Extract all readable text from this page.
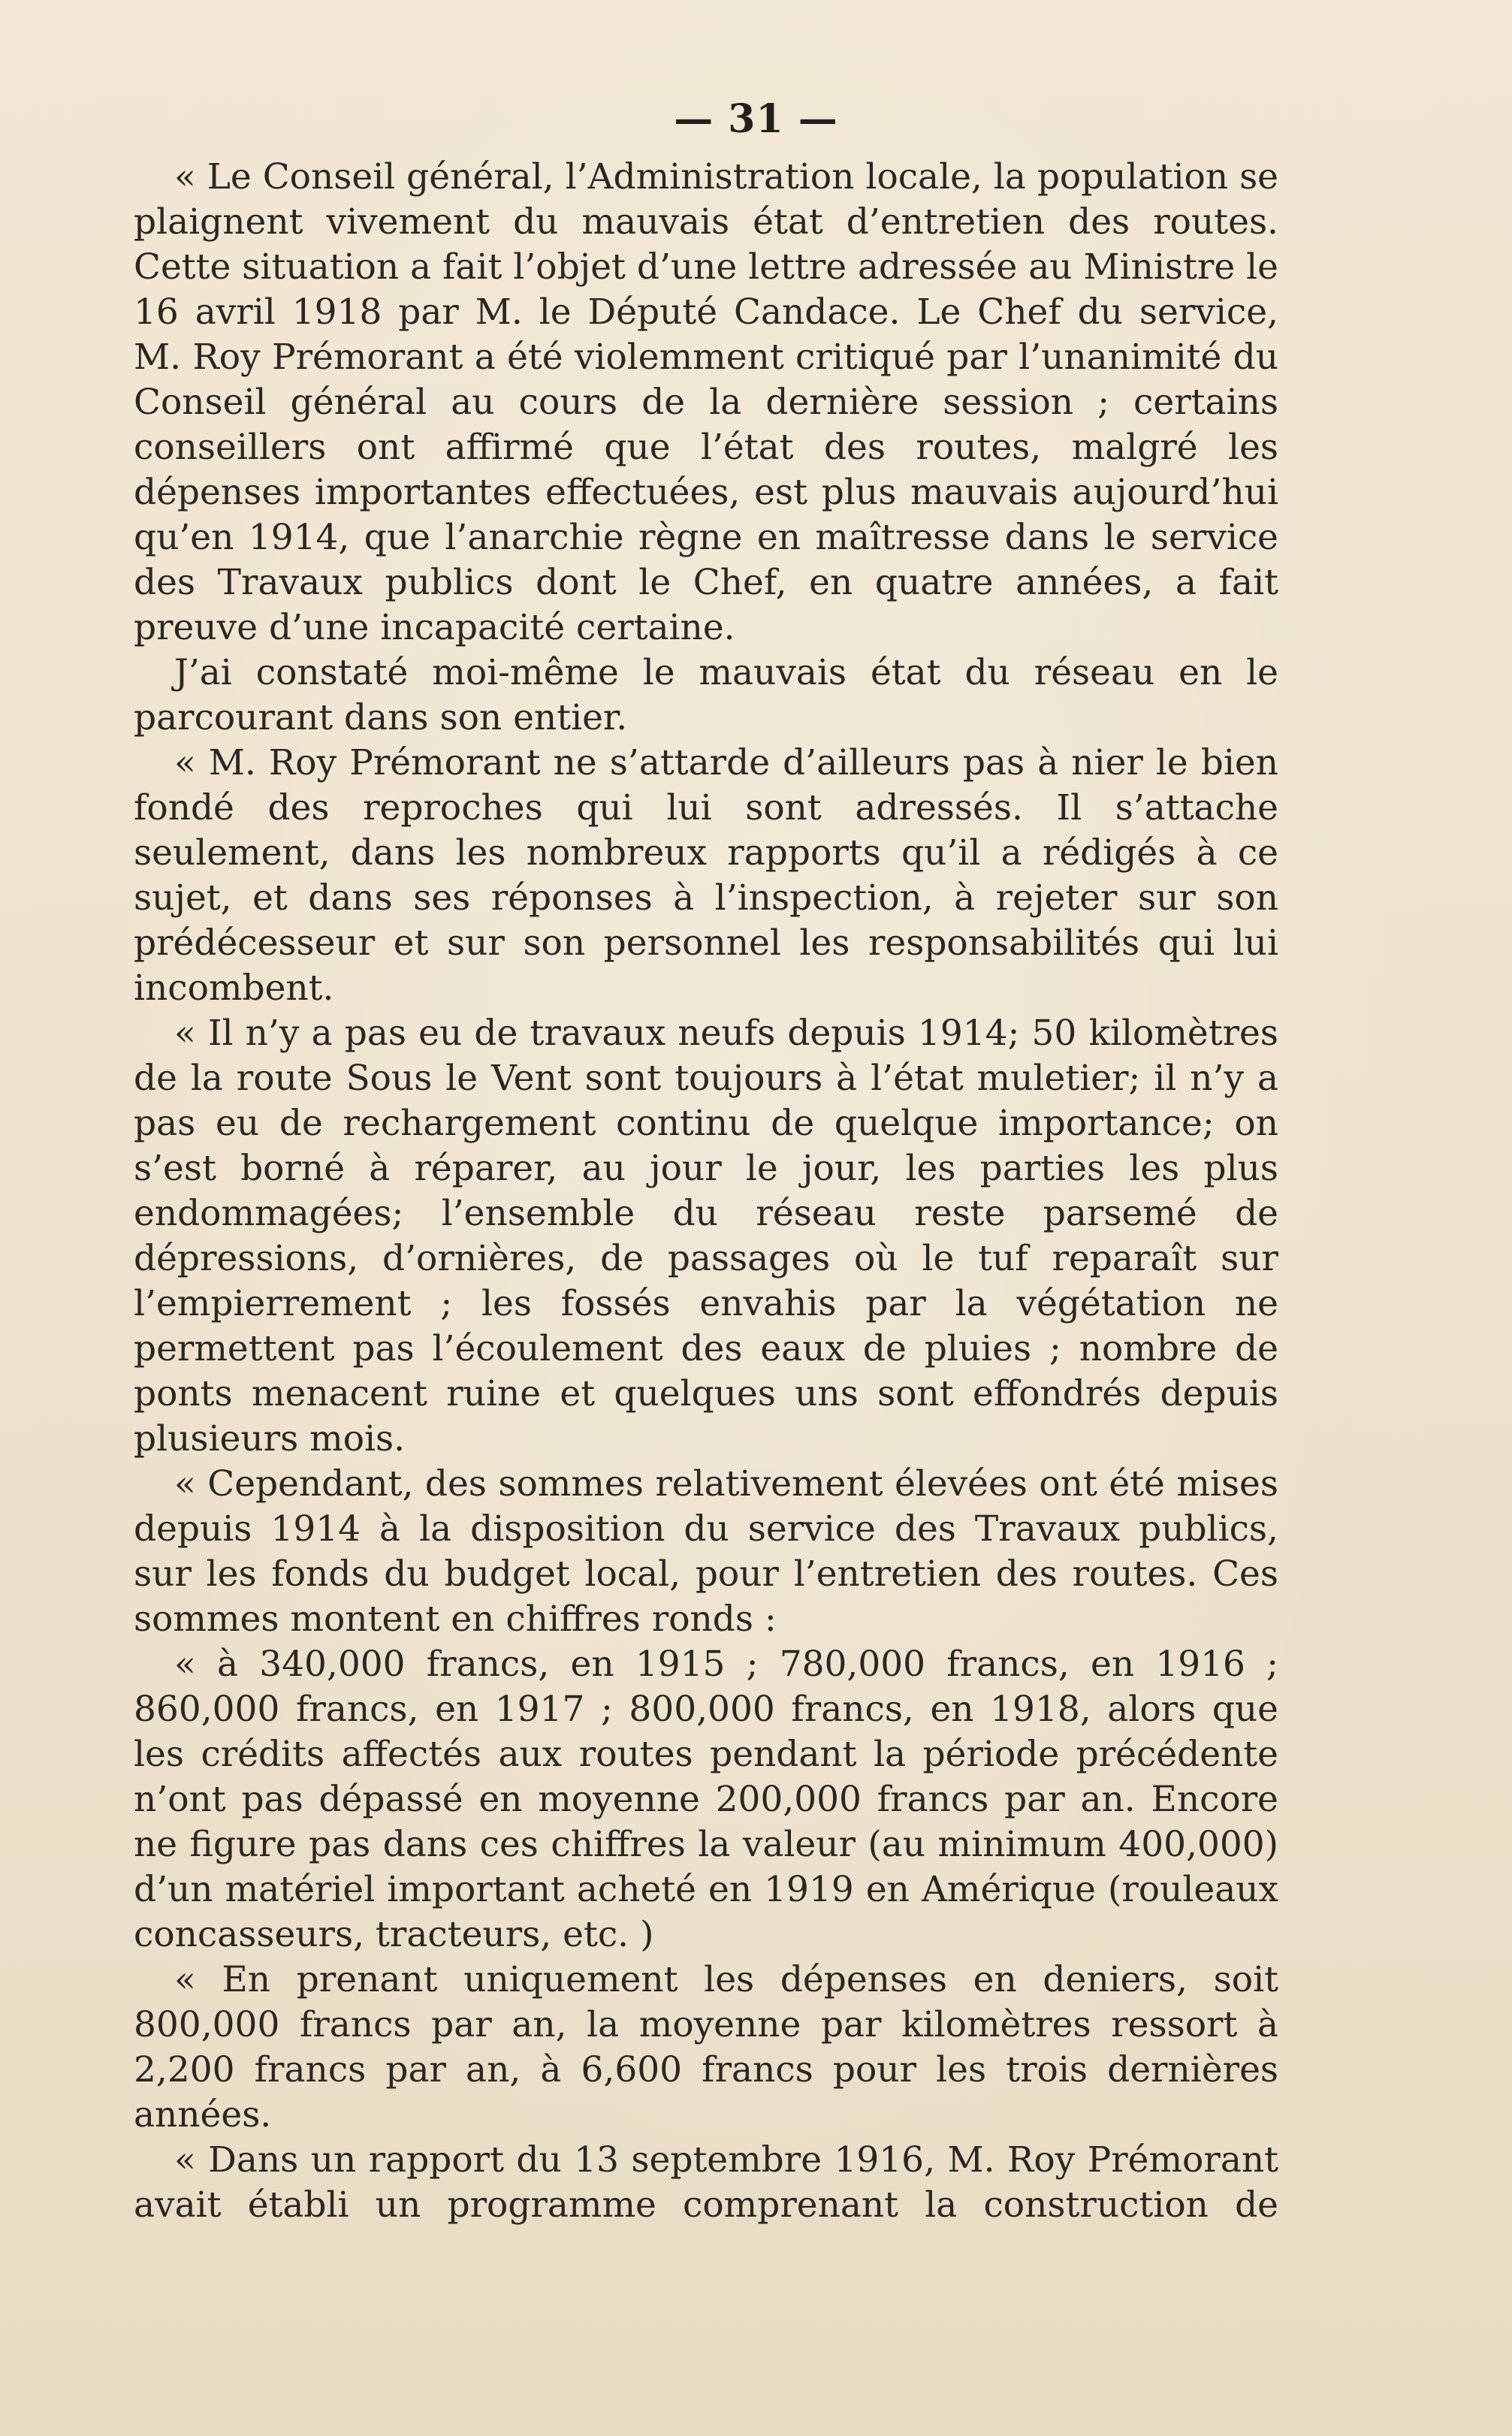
— 31 —

« Le Conseil général, l’Administration locale, la population se plaignent vivement du mauvais état d’entretien des routes. Cette situation a fait l’objet d’une lettre adressée au Ministre le 16 avril 1918 par M. le Député Candace. Le Chef du service, M. Roy Prémorant a été violemment critiqué par l’unanimité du Conseil général au cours de la dernière session ; certains conseillers ont affirmé que l’état des routes, malgré les dépenses importantes effectuées, est plus mauvais aujourd’hui qu’en 1914, que l’anarchie règne en maîtresse dans le service des Travaux publics dont le Chef, en quatre années, a fait preuve d’une incapacité certaine.

J’ai constaté moi-même le mauvais état du réseau en le parcourant dans son entier.

« M. Roy Prémorant ne s’attarde d’ailleurs pas à nier le bien fondé des reproches qui lui sont adressés. Il s’attache seulement, dans les nombreux rapports qu’il a rédigés à ce sujet, et dans ses réponses à l’inspection, à rejeter sur son prédécesseur et sur son personnel les responsabilités qui lui incombent.

« Il n’y a pas eu de travaux neufs depuis 1914; 50 kilomètres de la route Sous le Vent sont toujours à l’état muletier; il n’y a pas eu de rechargement continu de quelque importance; on s’est borné à réparer, au jour le jour, les parties les plus endommagées; l’ensemble du réseau reste parsemé de dépressions, d’ornières, de passages où le tuf reparaît sur l’empierrement ; les fossés envahis par la végétation ne permettent pas l’écoulement des eaux de pluies ; nombre de ponts menacent ruine et quelques uns sont effondrés depuis plusieurs mois.

« Cependant, des sommes relativement élevées ont été mises depuis 1914 à la disposition du service des Travaux publics, sur les fonds du budget local, pour l’entretien des routes. Ces sommes montent en chiffres ronds :

« à 340,000 francs, en 1915 ; 780,000 francs, en 1916 ; 860,000 francs, en 1917 ; 800,000 francs, en 1918, alors que les crédits affectés aux routes pendant la période précédente n’ont pas dépassé en moyenne 200,000 francs par an. Encore ne figure pas dans ces chiffres la valeur (au minimum 400,000) d’un matériel important acheté en 1919 en Amérique (rouleaux concasseurs, tracteurs, etc. )

« En prenant uniquement les dépenses en deniers, soit 800,000 francs par an, la moyenne par kilomètres ressort à 2,200 francs par an, à 6,600 francs pour les trois dernières années.

« Dans un rapport du 13 septembre 1916, M. Roy Prémorant avait établi un programme comprenant la construction de
